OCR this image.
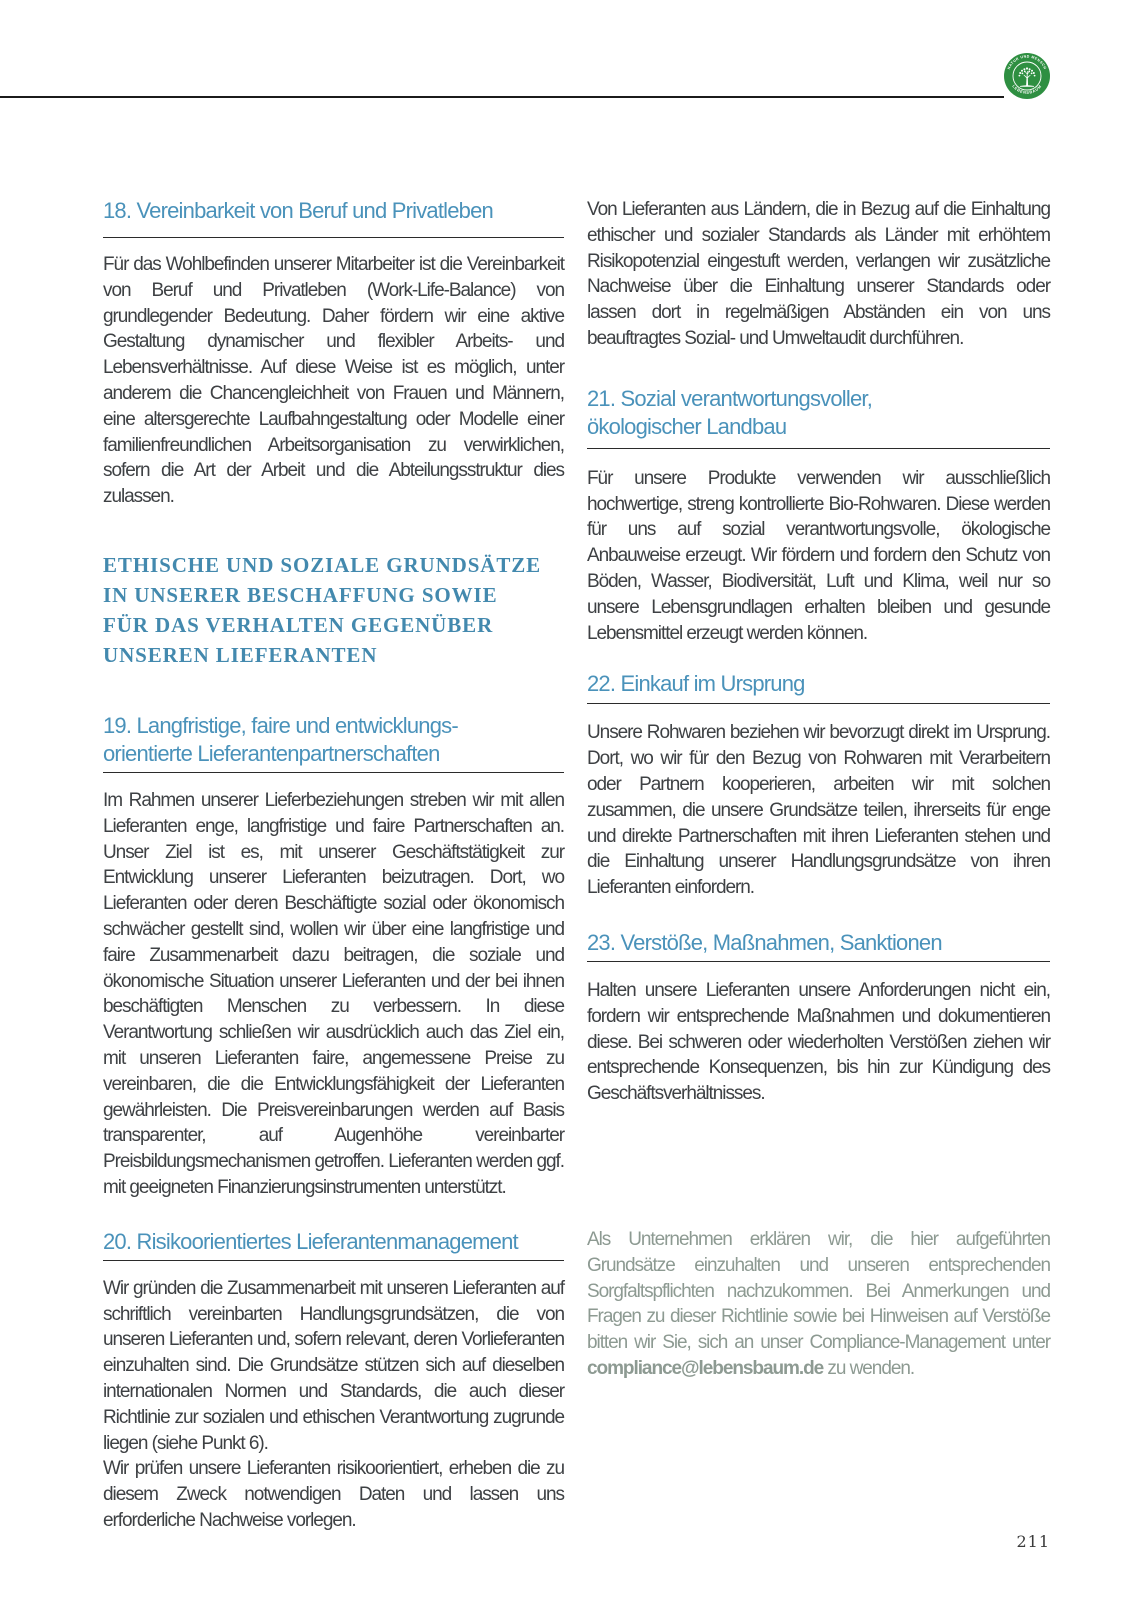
NATUR UND MENSCH
LEBENSBAUM
18. Vereinbarkeit von Beruf und Privatleben

Für das Wohlbefinden unserer Mitarbeiter ist die Vereinbarkeit von Beruf und Privatleben (Work-Life-Balance) von grundlegender Bedeutung. Daher fördern wir eine aktive Gestaltung dynamischer und flexibler Arbeits- und Lebensverhältnisse. Auf diese Weise ist es möglich, unter anderem die Chancengleichheit von Frauen und Männern, eine altersgerechte Laufbahngestaltung oder Modelle einer familienfreundlichen Arbeitsorganisation zu verwirklichen, sofern die Art der Arbeit und die Abteilungsstruktur dies zulassen.

ETHISCHE UND SOZIALE GRUNDSÄTZE
IN UNSERER BESCHAFFUNG SOWIE
FÜR DAS VERHALTEN GEGENÜBER
UNSEREN LIEFERANTEN
19. Langfristige, faire und entwicklungs-
orientierte Lieferantenpartnerschaften

Im Rahmen unserer Lieferbeziehungen streben wir mit allen Lieferanten enge, langfristige und faire Partnerschaften an. Unser Ziel ist es, mit unserer Geschäftstätigkeit zur Entwicklung unserer Lieferanten beizutragen. Dort, wo Lieferanten oder deren Beschäftigte sozial oder ökonomisch schwächer gestellt sind, wollen wir über eine langfristige und faire Zusammenarbeit dazu beitragen, die soziale und ökonomische Situation unserer Lieferanten und der bei ihnen beschäftigten Menschen zu verbessern. In diese Verantwortung schließen wir ausdrücklich auch das Ziel ein, mit unseren Lieferanten faire, angemessene Preise zu vereinbaren, die die Entwicklungsfähigkeit der Lieferanten gewährleisten. Die Preisvereinbarungen werden auf Basis transparenter, auf Augenhöhe vereinbarter Preisbildungsmechanismen getroffen. Lieferanten werden ggf. mit geeigneten Finanzierungsinstrumenten unterstützt.

20. Risikoorientiertes Lieferantenmanagement

Wir gründen die Zusammenarbeit mit unseren Lieferanten auf schriftlich vereinbarten Handlungsgrundsätzen, die von unseren Lieferanten und, sofern relevant, deren Vorlieferanten einzuhalten sind. Die Grundsätze stützen sich auf dieselben internationalen Normen und Standards, die auch dieser Richtlinie zur sozialen und ethischen Verantwortung zugrunde liegen (siehe Punkt 6).

Wir prüfen unsere Lieferanten risikoorientiert, erheben die zu diesem Zweck notwendigen Daten und lassen uns erforderliche Nachweise vorlegen.

Von Lieferanten aus Ländern, die in Bezug auf die Einhaltung ethischer und sozialer Standards als Länder mit erhöhtem Risikopotenzial eingestuft werden, verlangen wir zusätzliche Nachweise über die Einhaltung unserer Standards oder lassen dort in regelmäßigen Abständen ein von uns beauftragtes Sozial- und Umweltaudit durchführen.

21. Sozial verantwortungsvoller,
ökologischer Landbau

Für unsere Produkte verwenden wir ausschließlich hochwertige, streng kontrollierte Bio-Rohwaren. Diese werden für uns auf sozial verantwortungsvolle, ökologische Anbauweise erzeugt. Wir fördern und fordern den Schutz von Böden, Wasser, Biodiversität, Luft und Klima, weil nur so unsere Lebensgrundlagen erhalten bleiben und gesunde Lebensmittel erzeugt werden können.

22. Einkauf im Ursprung

Unsere Rohwaren beziehen wir bevorzugt direkt im Ursprung. Dort, wo wir für den Bezug von Rohwaren mit Verarbeitern oder Partnern kooperieren, arbeiten wir mit solchen zusammen, die unsere Grundsätze teilen, ihrerseits für enge und direkte Partnerschaften mit ihren Lieferanten stehen und die Einhaltung unserer Handlungsgrundsätze von ihren Lieferanten einfordern.

23. Verstöße, Maßnahmen, Sanktionen

Halten unsere Lieferanten unsere Anforderungen nicht ein, fordern wir entsprechende Maßnahmen und dokumentieren diese. Bei schweren oder wiederholten Verstößen ziehen wir entsprechende Konsequenzen, bis hin zur Kündigung des Geschäftsverhältnisses.

Als Unternehmen erklären wir, die hier aufgeführten Grundsätze einzuhalten und unseren entsprechenden Sorgfaltspflichten nachzukommen. Bei Anmerkungen und Fragen zu dieser Richtlinie sowie bei Hinweisen auf Verstöße bitten wir Sie, sich an unser Compliance-Management unter compliance@lebensbaum.de zu wenden.

211
